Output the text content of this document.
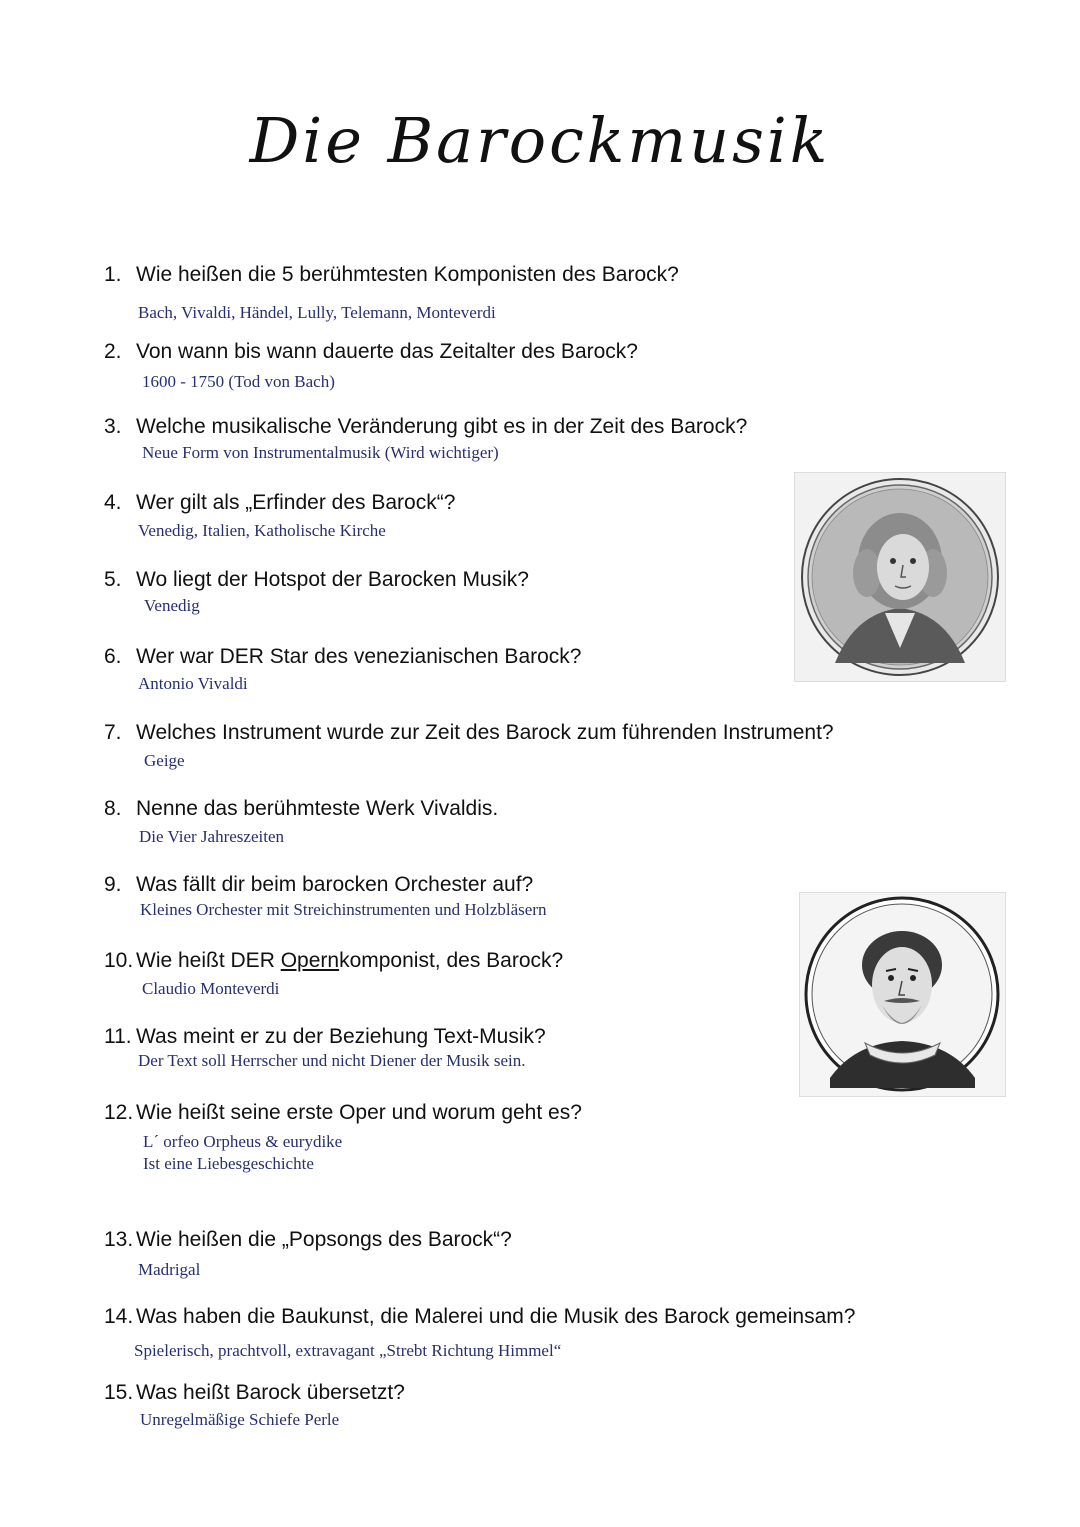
Die Barockmusik
1. Wie heißen die 5 berühmtesten Komponisten des Barock?
Bach, Vivaldi, Händel, Lully, Telemann, Monteverdi
2. Von wann bis wann dauerte das Zeitalter des Barock?
1600 - 1750 (Tod von Bach)
3. Welche musikalische Veränderung gibt es in der Zeit des Barock?
Neue Form von Instrumentalmusik (Wird wichtiger)
4. Wer gilt als „Erfinder des Barock“?
Venedig, Italien, Katholische Kirche
5. Wo liegt der Hotspot der Barocken Musik?
Venedig
6. Wer war DER Star des venezianischen Barock?
Antonio Vivaldi
7. Welches Instrument wurde zur Zeit des Barock zum führenden Instrument?
Geige
8. Nenne das berühmteste Werk Vivaldis.
Die Vier Jahreszeiten
9. Was fällt dir beim barocken Orchester auf?
Kleines Orchester mit Streichinstrumenten und Holzbläsern
10. Wie heißt DER Opernkomponist, des Barock?
Claudio Monteverdi
11. Was meint er zu der Beziehung Text-Musik?
Der Text soll Herrscher und nicht Diener der Musik sein.
12. Wie heißt seine erste Oper und worum geht es?
L´ orfeo Orpheus & eurydike
Ist eine Liebesgeschichte
13. Wie heißen die „Popsongs des Barock“?
Madrigal
14. Was haben die Baukunst, die Malerei und die Musik des Barock gemeinsam?
Spielerisch, prachtvoll, extravagant „Strebt Richtung Himmel“
15. Was heißt Barock übersetzt?
Unregelmäßige Schiefe Perle
